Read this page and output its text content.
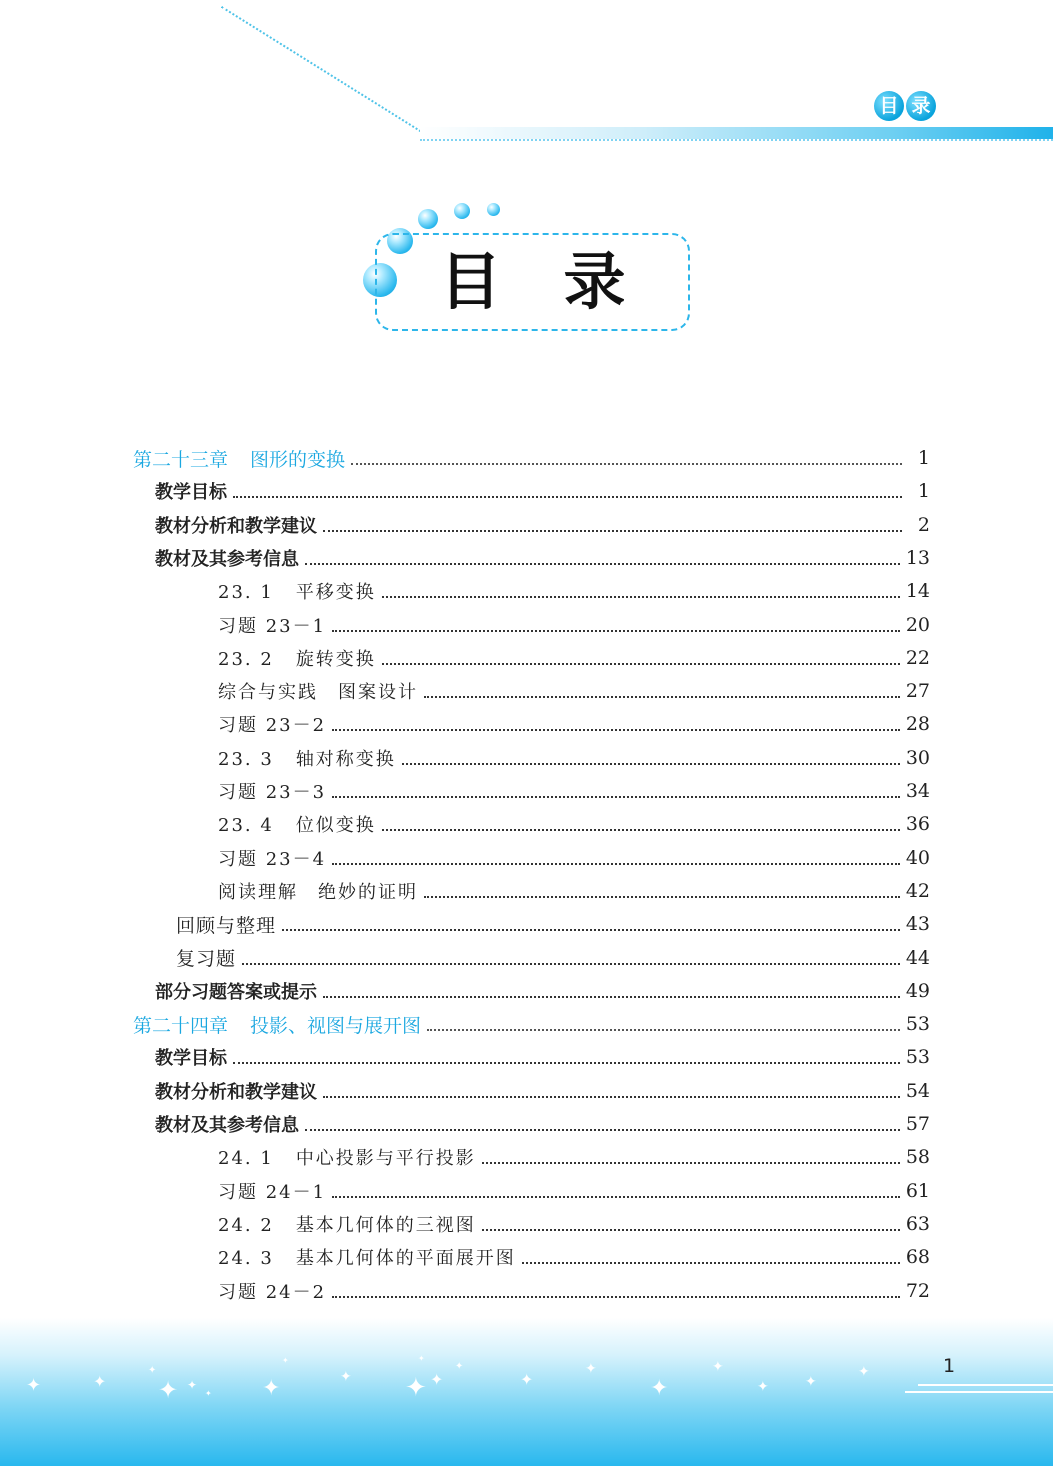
目 录
目录
第二十三章 图形的变换	1
教学目标	1
教材分析和教学建议	2
教材及其参考信息	13
23. 1 平移变换	14
习题 23－1	20
23. 2 旋转变换	22
综合与实践　图案设计	27
习题 23－2	28
23. 3 轴对称变换	30
习题 23－3	34
23. 4 位似变换	36
习题 23－4	40
阅读理解　绝妙的证明	42
回顾与整理	43
复习题	44
部分习题答案或提示	49
第二十四章 投影、视图与展开图	53
教学目标	53
教材分析和教学建议	54
教材及其参考信息	57
24. 1 中心投影与平行投影	58
习题 24－1	61
24. 2 基本几何体的三视图	63
24. 3 基本几何体的平面展开图	68
习题 24－2	72
✦	✦ ✦ ✦
✦
✦	✦ ✦ ✦
✦
✦
✦
✦
✦
✦	✦
✦
✦
✦
✦
1
